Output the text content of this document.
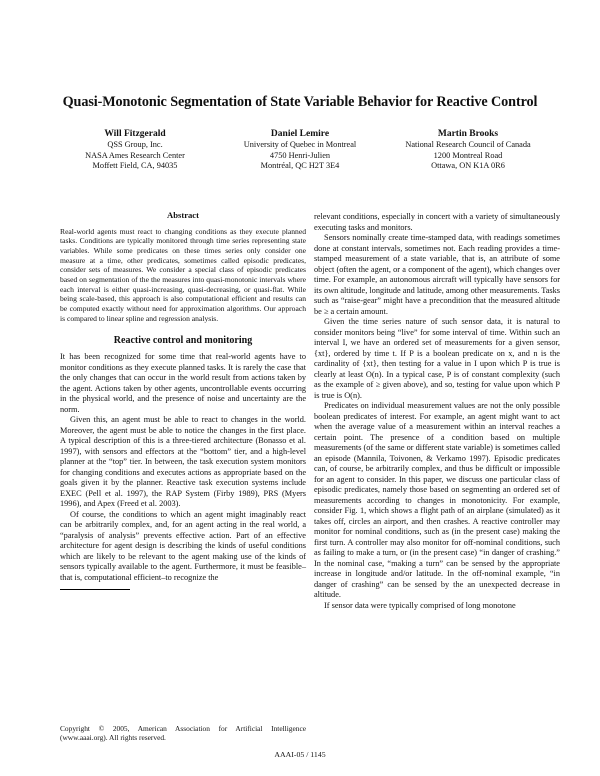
Quasi-Monotonic Segmentation of State Variable Behavior for Reactive Control
Will Fitzgerald
QSS Group, Inc.
NASA Ames Research Center
Moffett Field, CA, 94035
Daniel Lemire
University of Quebec in Montreal
4750 Henri-Julien
Montréal, QC H2T 3E4
Martin Brooks
National Research Council of Canada
1200 Montreal Road
Ottawa, ON K1A 0R6
Abstract

Real-world agents must react to changing conditions as they execute planned tasks. Conditions are typically monitored through time series representing state variables. While some predicates on these times series only consider one measure at a time, other predicates, sometimes called episodic predicates, consider sets of measures. We consider a special class of episodic predicates based on segmentation of the the measures into quasi-monotonic intervals where each interval is either quasi-increasing, quasi-decreasing, or quasi-flat. While being scale-based, this approach is also computational efficient and results can be computed exactly without need for approximation algorithms. Our approach is compared to linear spline and regression analysis.

Reactive control and monitoring

It has been recognized for some time that real-world agents have to monitor conditions as they execute planned tasks. It is rarely the case that the only changes that can occur in the world result from actions taken by the agent. Actions taken by other agents, uncontrollable events occurring in the physical world, and the presence of noise and uncertainty are the norm.

Given this, an agent must be able to react to changes in the world. Moreover, the agent must be able to notice the changes in the first place. A typical description of this is a three-tiered architecture (Bonasso et al. 1997), with sensors and effectors at the “bottom” tier, and a high-level planner at the “top” tier. In between, the task execution system monitors for changing conditions and executes actions as appropriate based on the goals given it by the planner. Reactive task execution systems include EXEC (Pell et al. 1997), the RAP System (Firby 1989), PRS (Myers 1996), and Apex (Freed et al. 2003).

Of course, the conditions to which an agent might imaginably react can be arbitrarily complex, and, for an agent acting in the real world, a “paralysis of analysis” prevents effective action. Part of an effective architecture for agent design is describing the kinds of useful conditions which are likely to be relevant to the agent making use of the kinds of sensors typically available to the agent. Furthermore, it must be feasible–that is, computational efficient–to recognize the

Copyright © 2005, American Association for Artificial Intelligence (www.aaai.org). All rights reserved.

relevant conditions, especially in concert with a variety of simultaneously executing tasks and monitors.

Sensors nominally create time-stamped data, with readings sometimes done at constant intervals, sometimes not. Each reading provides a time-stamped measurement of a state variable, that is, an attribute of some object (often the agent, or a component of the agent), which changes over time. For example, an autonomous aircraft will typically have sensors for its own altitude, longitude and latitude, among other measurements. Tasks such as “raise-gear” might have a precondition that the measured altitude be ≥ a certain amount.

Given the time series nature of such sensor data, it is natural to consider monitors being “live” for some interval of time. Within such an interval I, we have an ordered set of measurements for a given sensor, {xt}, ordered by time t. If P is a boolean predicate on x, and n is the cardinality of {xt}, then testing for a value in I upon which P is true is clearly at least O(n). In a typical case, P is of constant complexity (such as the example of ≥ given above), and so, testing for value upon which P is true is O(n).

Predicates on individual measurement values are not the only possible boolean predicates of interest. For example, an agent might want to act when the average value of a measurement within an interval reaches a certain point. The presence of a condition based on multiple measurements (of the same or different state variable) is sometimes called an episode (Mannila, Toivonen, & Verkamo 1997). Episodic predicates can, of course, be arbitrarily complex, and thus be difficult or impossible for an agent to consider. In this paper, we discuss one particular class of episodic predicates, namely those based on segmenting an ordered set of measurements according to changes in monotonicity. For example, consider Fig. 1, which shows a flight path of an airplane (simulated) as it takes off, circles an airport, and then crashes. A reactive controller may monitor for nominal conditions, such as (in the present case) making the first turn. A controller may also monitor for off-nominal conditions, such as failing to make a turn, or (in the present case) “in danger of crashing.” In the nominal case, “making a turn” can be sensed by the appropriate increase in longitude and/or latitude. In the off-nominal example, “in danger of crashing” can be sensed by the an unexpected decrease in altitude.

If sensor data were typically comprised of long monotone

AAAI-05 / 1145
